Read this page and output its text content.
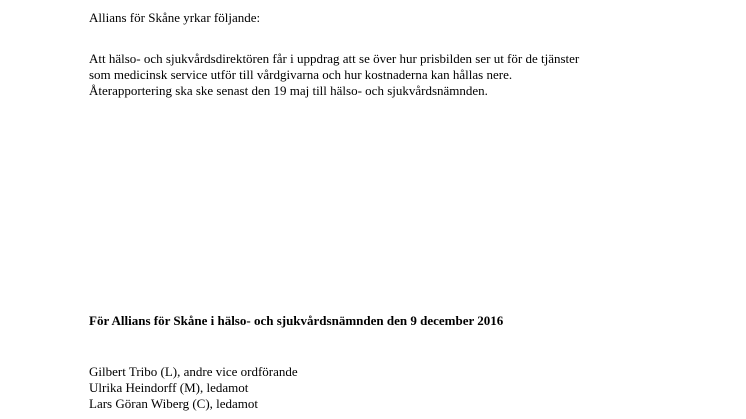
Allians för Skåne yrkar följande:

Att hälso- och sjukvårdsdirektören får i uppdrag att se över hur prisbilden ser ut för de tjänster
som medicinsk service utför till vårdgivarna och hur kostnaderna kan hållas nere.
Återapportering ska ske senast den 19 maj till hälso- och sjukvårdsnämnden.

För Allians för Skåne i hälso- och sjukvårdsnämnden den 9 december 2016

Gilbert Tribo (L), andre vice ordförande
Ulrika Heindorff (M), ledamot
Lars Göran Wiberg (C), ledamot
